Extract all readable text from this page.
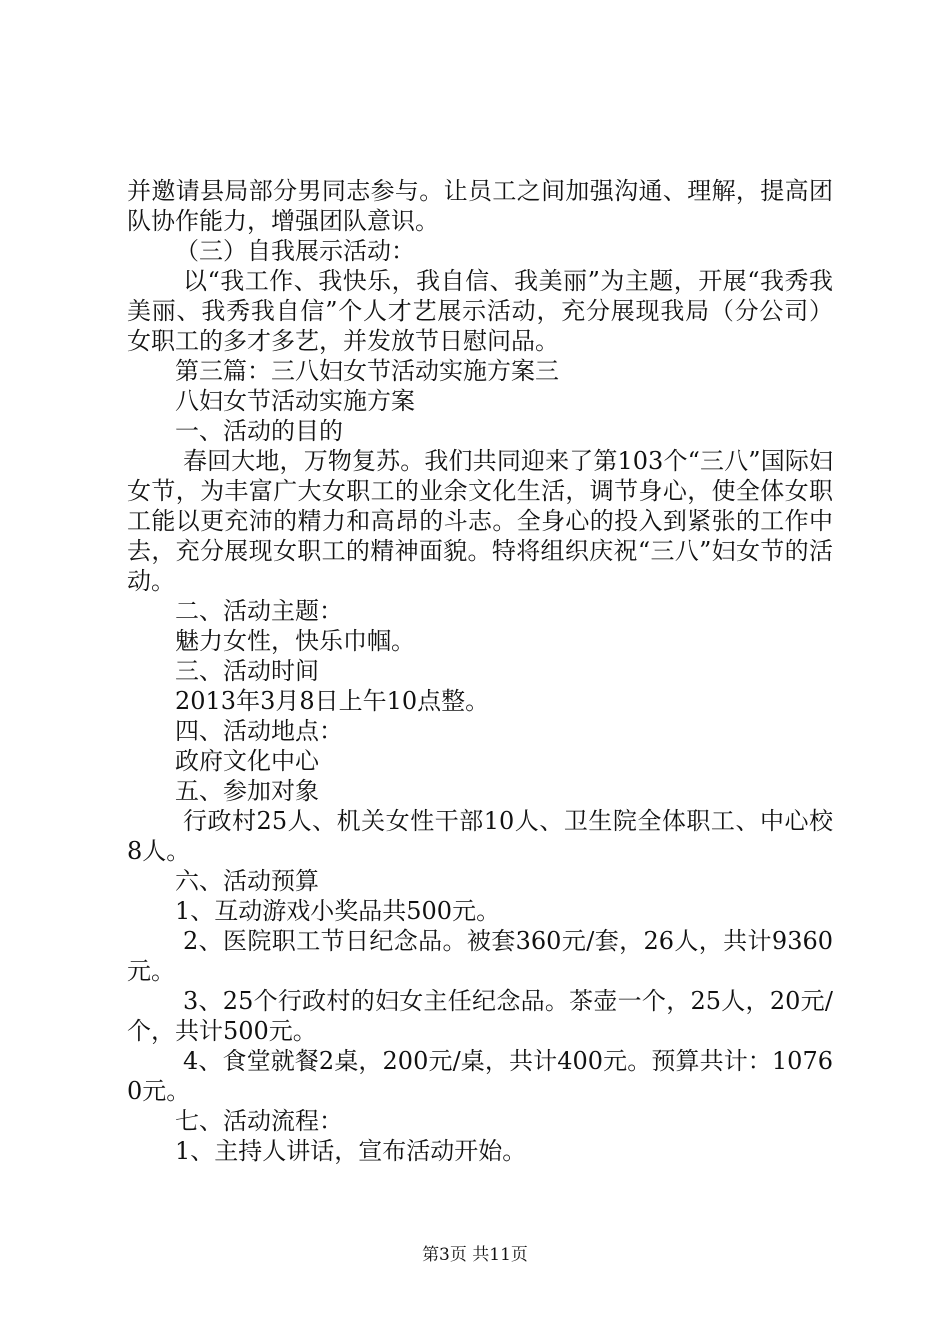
并邀请县局部分男同志参与。让员工之间加强沟通、理解，提高团队协作能力，增强团队意识。

（三）自我展示活动：

以“我工作、我快乐，我自信、我美丽”为主题，开展“我秀我美丽、我秀我自信”个人才艺展示活动，充分展现我局（分公司）女职工的多才多艺，并发放节日慰问品。

第三篇：三八妇女节活动实施方案三

八妇女节活动实施方案

一、活动的目的

春回大地，万物复苏。我们共同迎来了第103个“三八”国际妇女节，为丰富广大女职工的业余文化生活，调节身心，使全体女职工能以更充沛的精力和高昂的斗志。全身心的投入到紧张的工作中去，充分展现女职工的精神面貌。特将组织庆祝“三八”妇女节的活动。

二、活动主题：

魅力女性，快乐巾帼。

三、活动时间

2013年3月8日上午10点整。

四、活动地点：

政府文化中心

五、参加对象

行政村25人、机关女性干部10人、卫生院全体职工、中心校8人。

六、活动预算

1、互动游戏小奖品共500元。

2、医院职工节日纪念品。被套360元/套，26人，共计9360元。

3、25个行政村的妇女主任纪念品。茶壶一个，25人，20元/个，共计500元。

4、食堂就餐2桌，200元/桌，共计400元。预算共计：10760元。

七、活动流程：

1、主持人讲话，宣布活动开始。

第3页 共11页
